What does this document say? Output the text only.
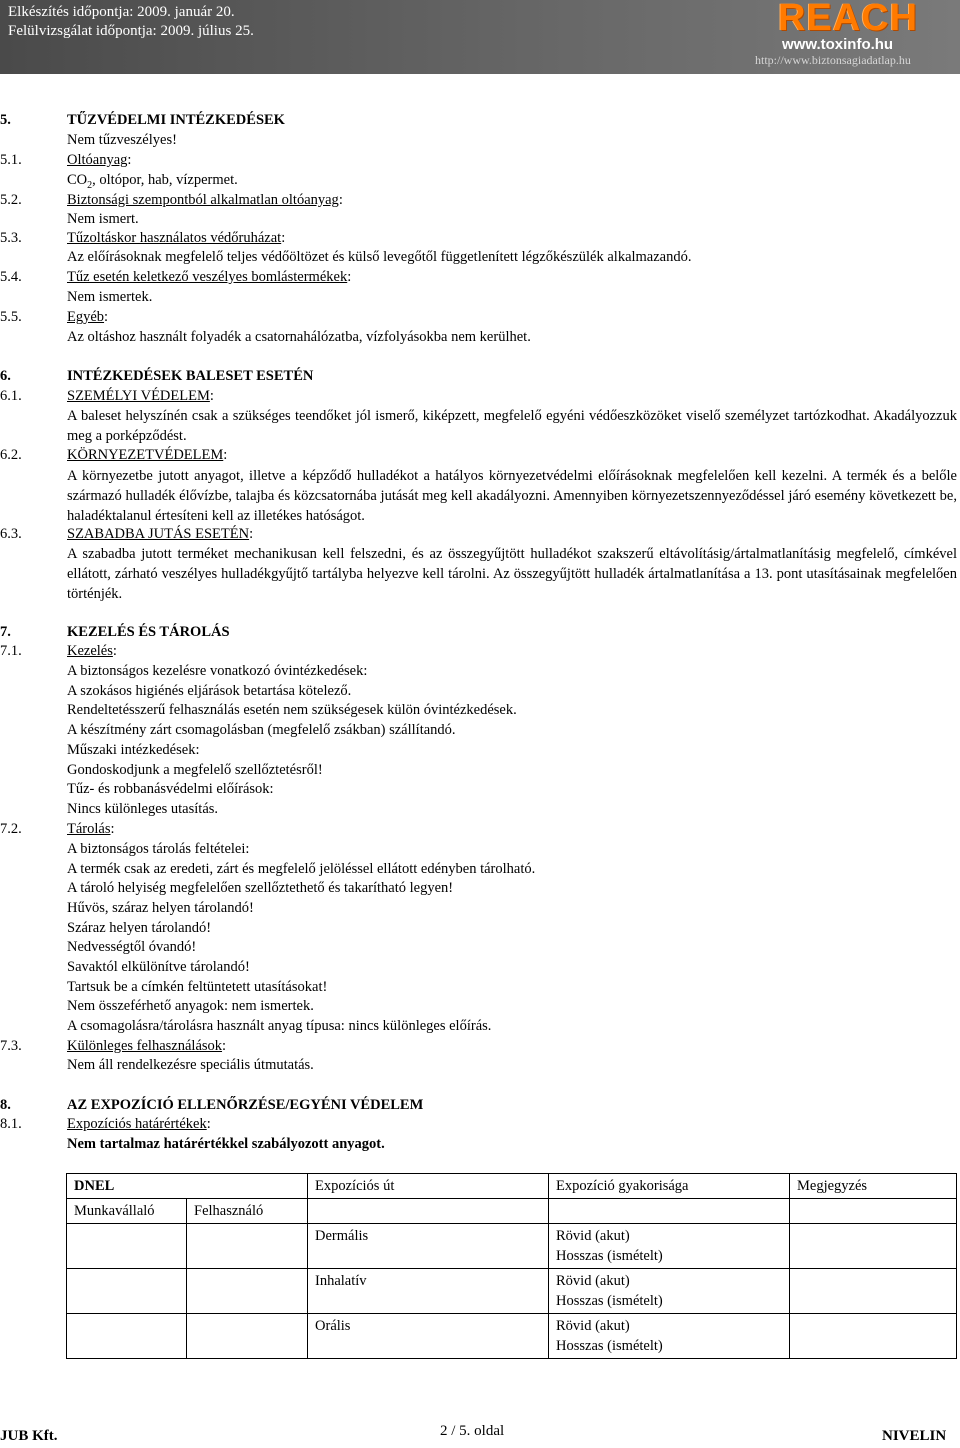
Elkészítés időpontja: 2009. január 20.
Felülvizsgálat időpontja: 2009. július 25.	REACH
www.toxinfo.hu
http://www.biztonsagiadatlap.hu
5.	TŰZVÉDELMI INTÉZKEDÉSEK
Nem tűzveszélyes!
5.1.	Oltóanyag:
$CO_2$, oltópor, hab, vízpermet.
5.2.	Biztonsági szempontból alkalmatlan oltóanyag:
Nem ismert.
5.3.	Tűzoltáskor használatos védőruházat:
Az előírásoknak megfelelő teljes védőöltözet és külső levegőtől függetlenített légzőkészülék alkalmazandó.
5.4.	Tűz esetén keletkező veszélyes bomlástermékek:
Nem ismertek.
5.5.	Egyéb:
Az oltáshoz használt folyadék a csatornahálózatba, vízfolyásokba nem kerülhet.
6.	INTÉZKEDÉSEK BALESET ESETÉN
6.1.	SZEMÉLYI VÉDELEM:
A baleset helyszínén csak a szükséges teendőket jól ismerő, kiképzett, megfelelő egyéni védőeszközöket viselő személyzet tartózkodhat. Akadályozzuk meg a porképződést.
6.2.	KÖRNYEZETVÉDELEM:
A környezetbe jutott anyagot, illetve a képződő hulladékot a hatályos környezetvédelmi előírásoknak megfelelően kell kezelni. A termék és a belőle származó hulladék élővízbe, talajba és közcsatornába jutását meg kell akadályozni. Amennyiben környezetszennyeződéssel járó esemény következett be, haladéktalanul értesíteni kell az illetékes hatóságot.
6.3.	SZABADBA JUTÁS ESETÉN:
A szabadba jutott terméket mechanikusan kell felszedni, és az összegyűjtött hulladékot szakszerű eltávolításig/ártalmatlanításig megfelelő, címkével ellátott, zárható veszélyes hulladékgyűjtő tartályba helyezve kell tárolni. Az összegyűjtött hulladék ártalmatlanítása a 13. pont utasításainak megfelelően történjék.
7.	KEZELÉS ÉS TÁROLÁS
7.1.	Kezelés:
A biztonságos kezelésre vonatkozó óvintézkedések:
A szokásos higiénés eljárások betartása kötelező.
Rendeltetésszerű felhasználás esetén nem szükségesek külön óvintézkedések.
A készítmény zárt csomagolásban (megfelelő zsákban) szállítandó.
Műszaki intézkedések:
Gondoskodjunk a megfelelő szellőztetésről!
Tűz- és robbanásvédelmi előírások:
Nincs különleges utasítás.
7.2.	Tárolás:
A biztonságos tárolás feltételei:
A termék csak az eredeti, zárt és megfelelő jelöléssel ellátott edényben tárolható.
A tároló helyiség megfelelően szellőztethető és takarítható legyen!
Hűvös, száraz helyen tárolandó!
Száraz helyen tárolandó!
Nedvességtől óvandó!
Savaktól elkülönítve tárolandó!
Tartsuk be a címkén feltüntetett utasításokat!
Nem összeférhető anyagok: nem ismertek.
A csomagolásra/tárolásra használt anyag típusa: nincs különleges előírás.
7.3.	Különleges felhasználások:
Nem áll rendelkezésre speciális útmutatás.
8.	AZ EXPOZÍCIÓ ELLENŐRZÉSE/EGYÉNI VÉDELEM
8.1.	Expozíciós határértékek:
Nem tartalmaz határértékkel szabályozott anyagot.
DNEL		Expozíciós út	Expozíció gyakorisága	Megjegyzés
Munkavállaló	Felhasználó			
		Dermális	Rövid (akut)
Hosszas (ismételt)	

		Inhalatív	Rövid (akut)
Hosszas (ismételt)	

		Orális	Rövid (akut)
Hosszas (ismételt)	

JUB Kft.	2 / 5. oldal	NIVELIN
